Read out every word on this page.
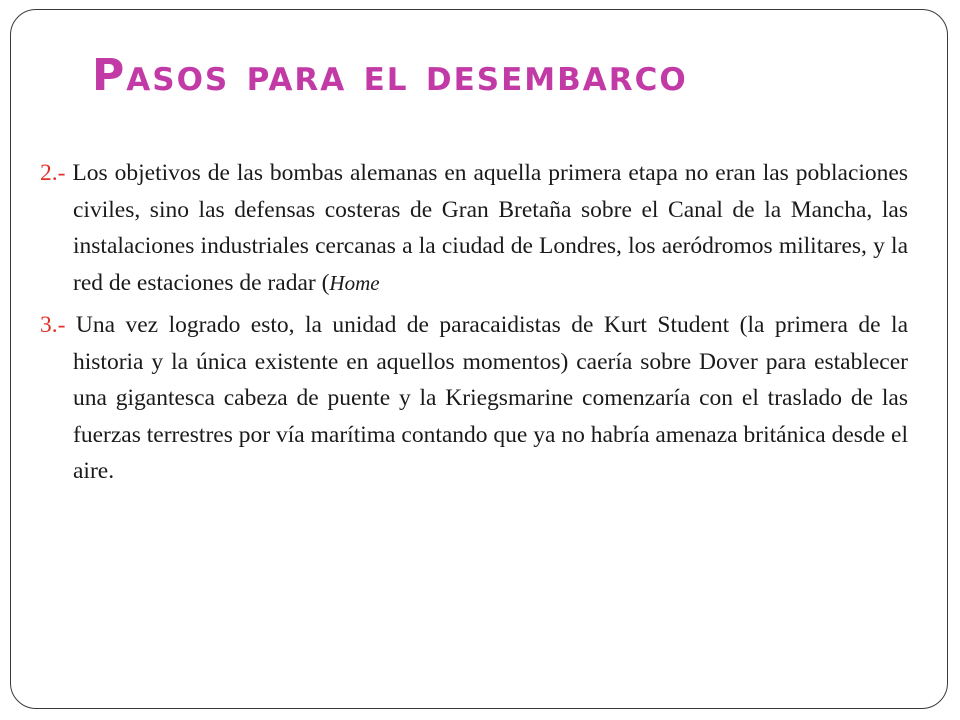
Pasos para el desembarco

2.- Los objetivos de las bombas alemanas en aquella primera etapa no eran las poblaciones civiles, sino las defensas costeras de Gran Bretaña sobre el Canal de la Mancha, las instalaciones industriales cercanas a la ciudad de Londres, los aeródromos militares, y la red de estaciones de radar (Home

3.- Una vez logrado esto, la unidad de paracaidistas de Kurt Student (la primera de la historia y la única existente en aquellos momentos) caería sobre Dover para establecer una gigantesca cabeza de puente y la Kriegsmarine comenzaría con el traslado de las fuerzas terrestres por vía marítima contando que ya no habría amenaza británica desde el aire.
